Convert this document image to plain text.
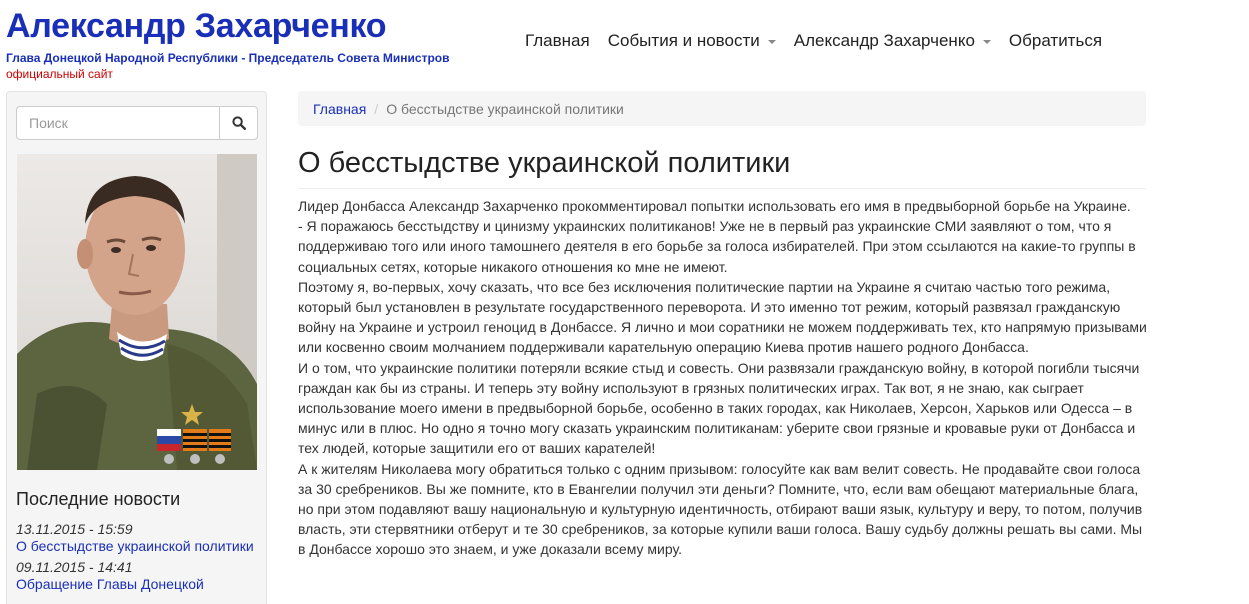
Александр Захарченко
Глава Донецкой Народной Республики - Председатель Совета Министров
официальный сайт
Главная События и новости Александр Захарченко Обратиться
Поиск
Последние новости
13.11.2015 - 15:59
О бесстыдстве украинской политики
09.11.2015 - 14:41
Обращение Главы Донецкой
Главная / О бесстыдстве украинской политики
О бесстыдстве украинской политики

Лидер Донбасса Александр Захарченко прокомментировал попытки использовать его имя в предвыборной борьбе на Украине.

- Я поражаюсь бесстыдству и цинизму украинских политиканов! Уже не в первый раз украинские СМИ заявляют о том, что я поддерживаю того или иного тамошнего деятеля в его борьбе за голоса избирателей. При этом ссылаются на какие-то группы в социальных сетях, которые никакого отношения ко мне не имеют.

Поэтому я, во-первых, хочу сказать, что все без исключения политические партии на Украине я считаю частью того режима, который был установлен в результате государственного переворота. И это именно тот режим, который развязал гражданскую войну на Украине и устроил геноцид в Донбассе. Я лично и мои соратники не можем поддерживать тех, кто напрямую призывами или косвенно своим молчанием поддерживали карательную операцию Киева против нашего родного Донбасса.

И о том, что украинские политики потеряли всякие стыд и совесть. Они развязали гражданскую войну, в которой погибли тысячи граждан как бы из страны. И теперь эту войну используют в грязных политических играх. Так вот, я не знаю, как сыграет использование моего имени в предвыборной борьбе, особенно в таких городах, как Николаев, Херсон, Харьков или Одесса – в минус или в плюс. Но одно я точно могу сказать украинским политиканам: уберите свои грязные и кровавые руки от Донбасса и тех людей, которые защитили его от ваших карателей!

А к жителям Николаева могу обратиться только с одним призывом: голосуйте как вам велит совесть. Не продавайте свои голоса за 30 сребреников. Вы же помните, кто в Евангелии получил эти деньги? Помните, что, если вам обещают материальные блага, но при этом подавляют вашу национальную и культурную идентичность, отбирают ваши язык, культуру и веру, то потом, получив власть, эти стервятники отберут и те 30 сребреников, за которые купили ваши голоса. Вашу судьбу должны решать вы сами. Мы в Донбассе хорошо это знаем, и уже доказали всему миру.
